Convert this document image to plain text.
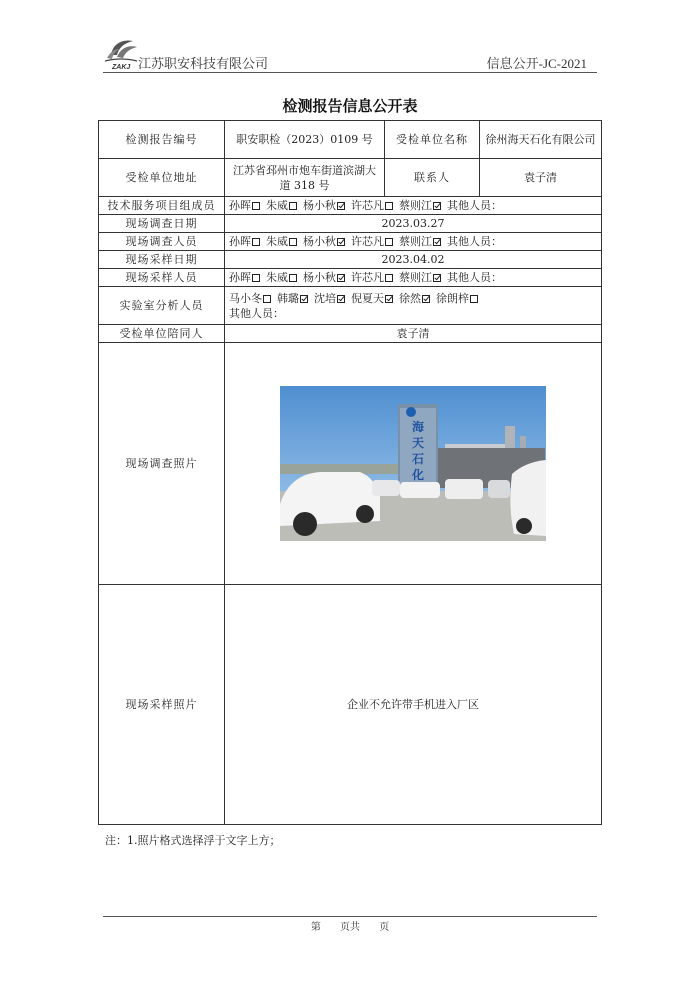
ZAKJ 江苏职安科技有限公司	信息公开-JC-2021
检测报告信息公开表
检测报告编号	职安职检（2023）0109 号	受检单位名称	徐州海天石化有限公司
受检单位地址	江苏省邳州市炮车街道滨湖大道 318 号	联系人	袁子清
技术服务项目组成员	孙晖 朱威 杨小秋 许芯凡 蔡则江 其他人员：		
现场调查日期	2023.03.27		
现场调查人员	孙晖 朱威 杨小秋 许芯凡 蔡则江 其他人员：		
现场采样日期	2023.04.02		
现场采样人员	孙晖 朱威 杨小秋 许芯凡 蔡则江 其他人员：		
实验室分析人员	马小冬 韩璐 沈培 倪夏天 徐然 徐朗梓
其他人员：		
受检单位陪同人	袁子清		
现场调查照片	海
天
石
化		

现场采样照片	企业不允许带手机进入厂区		
注：1.照片格式选择浮于文字上方；
第 页共 页
